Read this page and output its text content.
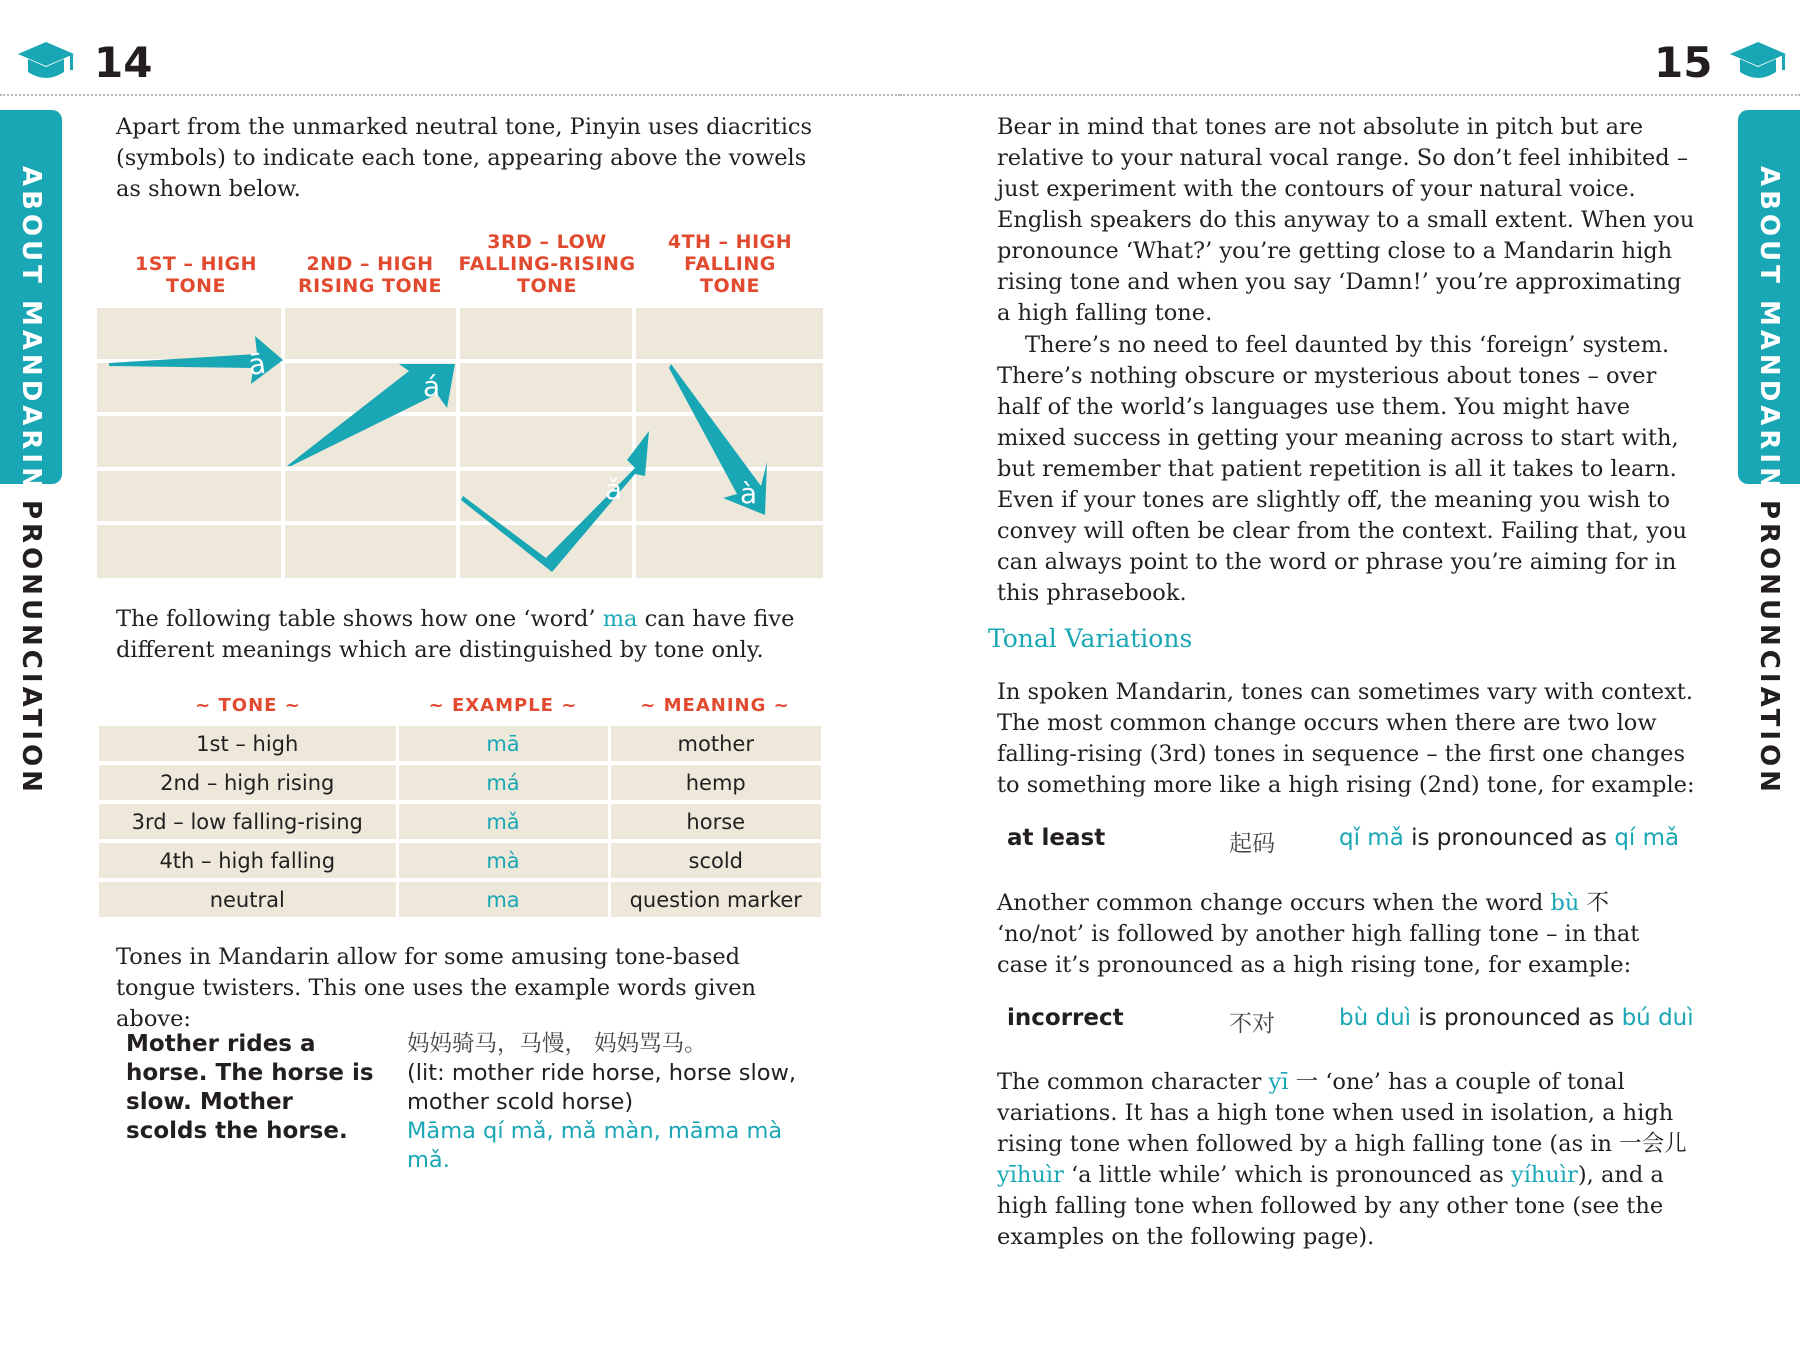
14
ABOUT MANDARIN
PRONUNCIATION
Apart from the unmarked neutral tone, Pinyin uses diacritics (symbols) to indicate each tone, appearing above the vowels as shown below.
1ST – HIGH TONE
2ND – HIGH RISING TONE
3RD – LOW FALLING-RISING TONE
4TH – HIGH FALLING TONE
ā
á
ǎ	à
The following table shows how one ‘word’ ma can have five different meanings which are distinguished by tone only.
~ TONE ~	~ EXAMPLE ~	~ MEANING ~
1st – high	mā	mother
2nd – high rising	má	hemp
3rd – low falling-rising	mǎ	horse
4th – high falling	mà	scold
neutral	ma	question marker
Tones in Mandarin allow for some amusing tone-based tongue twisters. This one uses the example words given above:
Mother rides a horse. The horse is slow. Mother scolds the horse.
妈妈骑马，马慢， 妈妈骂马。
(lit: mother ride horse, horse slow, mother scold horse)
Māma qí mǎ, mǎ màn, māma mà mǎ.
15
ABOUT MANDARIN
PRONUNCIATION
Bear in mind that tones are not absolute in pitch but are relative to your natural vocal range. So don’t feel inhibited – just experiment with the contours of your natural voice. English speakers do this anyway to a small extent. When you pronounce ‘What?’ you’re getting close to a Mandarin high rising tone and when you say ‘Damn!’ you’re approximating a high falling tone.
There’s no need to feel daunted by this ‘foreign’ system. There’s nothing obscure or mysterious about tones – over half of the world’s languages use them. You might have mixed success in getting your meaning across to start with, but remember that patient repetition is all it takes to learn. Even if your tones are slightly off, the meaning you wish to convey will often be clear from the context. Failing that, you can always point to the word or phrase you’re aiming for in this phrasebook.
Tonal Variations
In spoken Mandarin, tones can sometimes vary with context. The most common change occurs when there are two low falling-rising (3rd) tones in sequence – the first one changes to something more like a high rising (2nd) tone, for example:
at least	起码	qǐ mǎ is pronounced as qí mǎ
Another common change occurs when the word bù 不 ‘no/not’ is followed by another high falling tone – in that case it’s pronounced as a high rising tone, for example:
incorrect	不对	bù duì is pronounced as bú duì
The common character yī 一 ‘one’ has a couple of tonal variations. It has a high tone when used in isolation, a high rising tone when followed by a high falling tone (as in 一会儿 yīhuìr ‘a little while’ which is pronounced as yíhuìr), and a high falling tone when followed by any other tone (see the examples on the following page).
